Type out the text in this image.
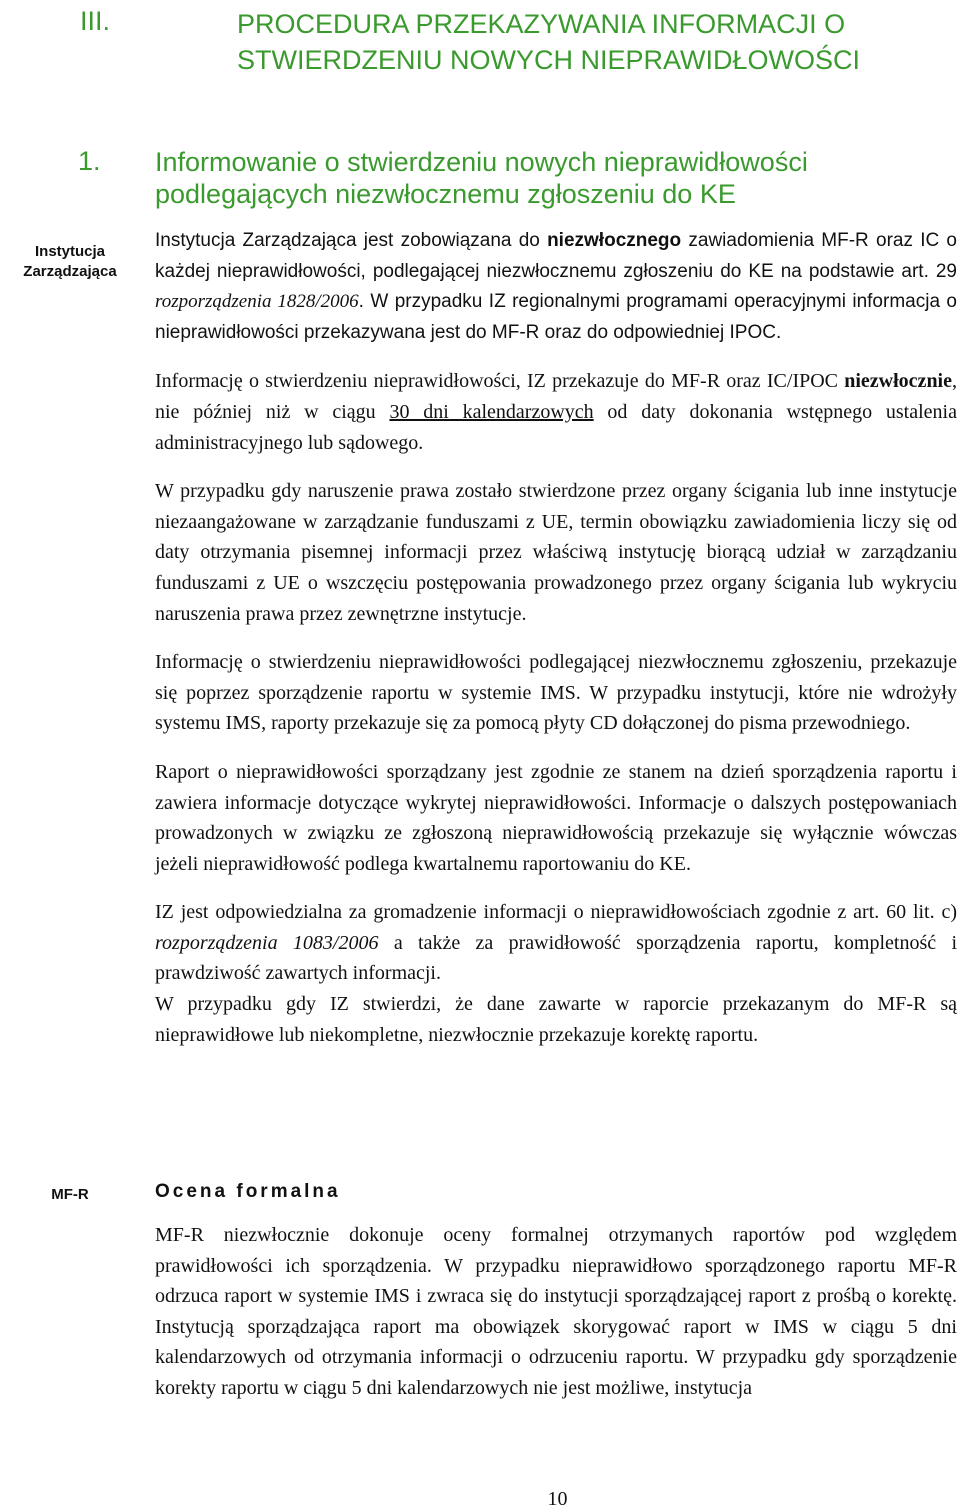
III.	PROCEDURA PRZEKAZYWANIA INFORMACJI O STWIERDZENIU NOWYCH NIEPRAWIDŁOWOŚCI
1. Informowanie o stwierdzeniu nowych nieprawidłowości podlegających niezwłocznemu zgłoszeniu do KE
Instytucja Zarządzająca
MF-R

Instytucja Zarządzająca jest zobowiązana do niezwłocznego zawiadomienia MF-R oraz IC o każdej nieprawidłowości, podlegającej niezwłocznemu zgłoszeniu do KE na podstawie art. 29 rozporządzenia 1828/2006. W przypadku IZ regionalnymi programami operacyjnymi informacja o nieprawidłowości przekazywana jest do MF-R oraz do odpowiedniej IPOC.

Informację o stwierdzeniu nieprawidłowości, IZ przekazuje do MF-R oraz IC/IPOC niezwłocznie, nie później niż w ciągu 30 dni kalendarzowych od daty dokonania wstępnego ustalenia administracyjnego lub sądowego.

W przypadku gdy naruszenie prawa zostało stwierdzone przez organy ścigania lub inne instytucje niezaangażowane w zarządzanie funduszami z UE, termin obowiązku zawiadomienia liczy się od daty otrzymania pisemnej informacji przez właściwą instytucję biorącą udział w zarządzaniu funduszami z UE o wszczęciu postępowania prowadzonego przez organy ścigania lub wykryciu naruszenia prawa przez zewnętrzne instytucje.

Informację o stwierdzeniu nieprawidłowości podlegającej niezwłocznemu zgłoszeniu, przekazuje się poprzez sporządzenie raportu w systemie IMS. W przypadku instytucji, które nie wdrożyły systemu IMS, raporty przekazuje się za pomocą płyty CD dołączonej do pisma przewodniego.

Raport o nieprawidłowości sporządzany jest zgodnie ze stanem na dzień sporządzenia raportu i zawiera informacje dotyczące wykrytej nieprawidłowości. Informacje o dalszych postępowaniach prowadzonych w związku ze zgłoszoną nieprawidłowością przekazuje się wyłącznie wówczas jeżeli nieprawidłowość podlega kwartalnemu raportowaniu do KE.

IZ jest odpowiedzialna za gromadzenie informacji o nieprawidłowościach zgodnie z art. 60 lit. c) rozporządzenia 1083/2006 a także za prawidłowość sporządzenia raportu, kompletność i prawdziwość zawartych informacji.

W przypadku gdy IZ stwierdzi, że dane zawarte w raporcie przekazanym do MF-R są nieprawidłowe lub niekompletne, niezwłocznie przekazuje korektę raportu.

Ocena formalna

MF-R niezwłocznie dokonuje oceny formalnej otrzymanych raportów pod względem prawidłowości ich sporządzenia. W przypadku nieprawidłowo sporządzonego raportu MF-R odrzuca raport w systemie IMS i zwraca się do instytucji sporządzającej raport z prośbą o korektę. Instytucją sporządzająca raport ma obowiązek skorygować raport w IMS w ciągu 5 dni kalendarzowych od otrzymania informacji o odrzuceniu raportu. W przypadku gdy sporządzenie korekty raportu w ciągu 5 dni kalendarzowych nie jest możliwe, instytucja

10
